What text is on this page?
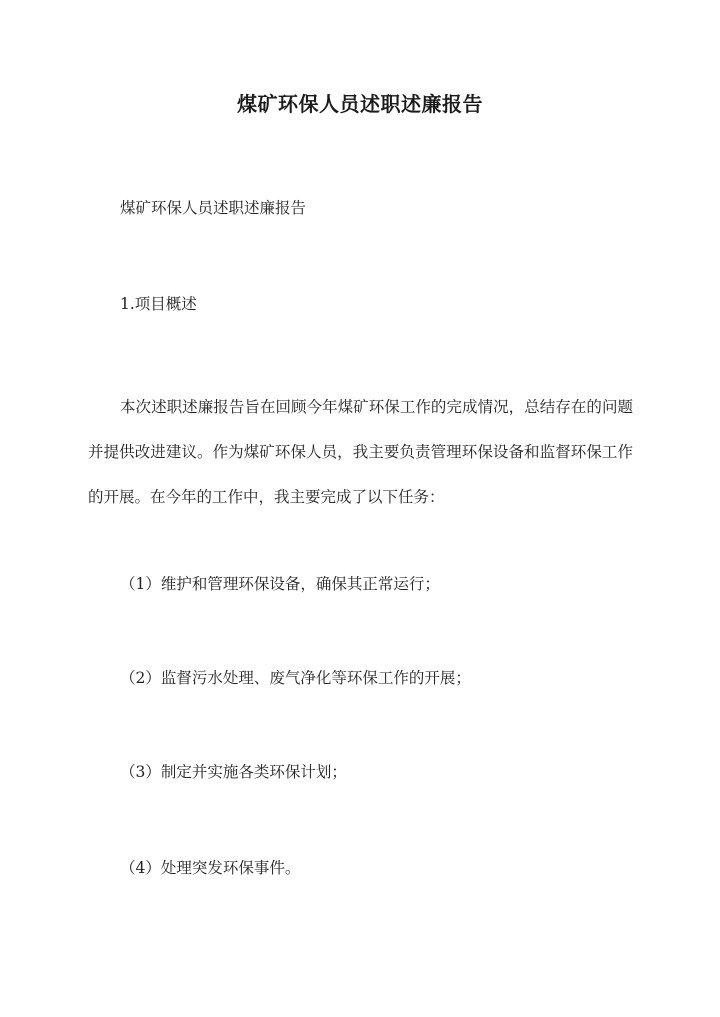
煤矿环保人员述职述廉报告
煤矿环保人员述职述廉报告
1.项目概述
本次述职述廉报告旨在回顾今年煤矿环保工作的完成情况，总结存在的问题并提供改进建议。作为煤矿环保人员，我主要负责管理环保设备和监督环保工作的开展。在今年的工作中，我主要完成了以下任务：
（1）维护和管理环保设备，确保其正常运行；
（2）监督污水处理、废气净化等环保工作的开展；
（3）制定并实施各类环保计划；
（4）处理突发环保事件。
